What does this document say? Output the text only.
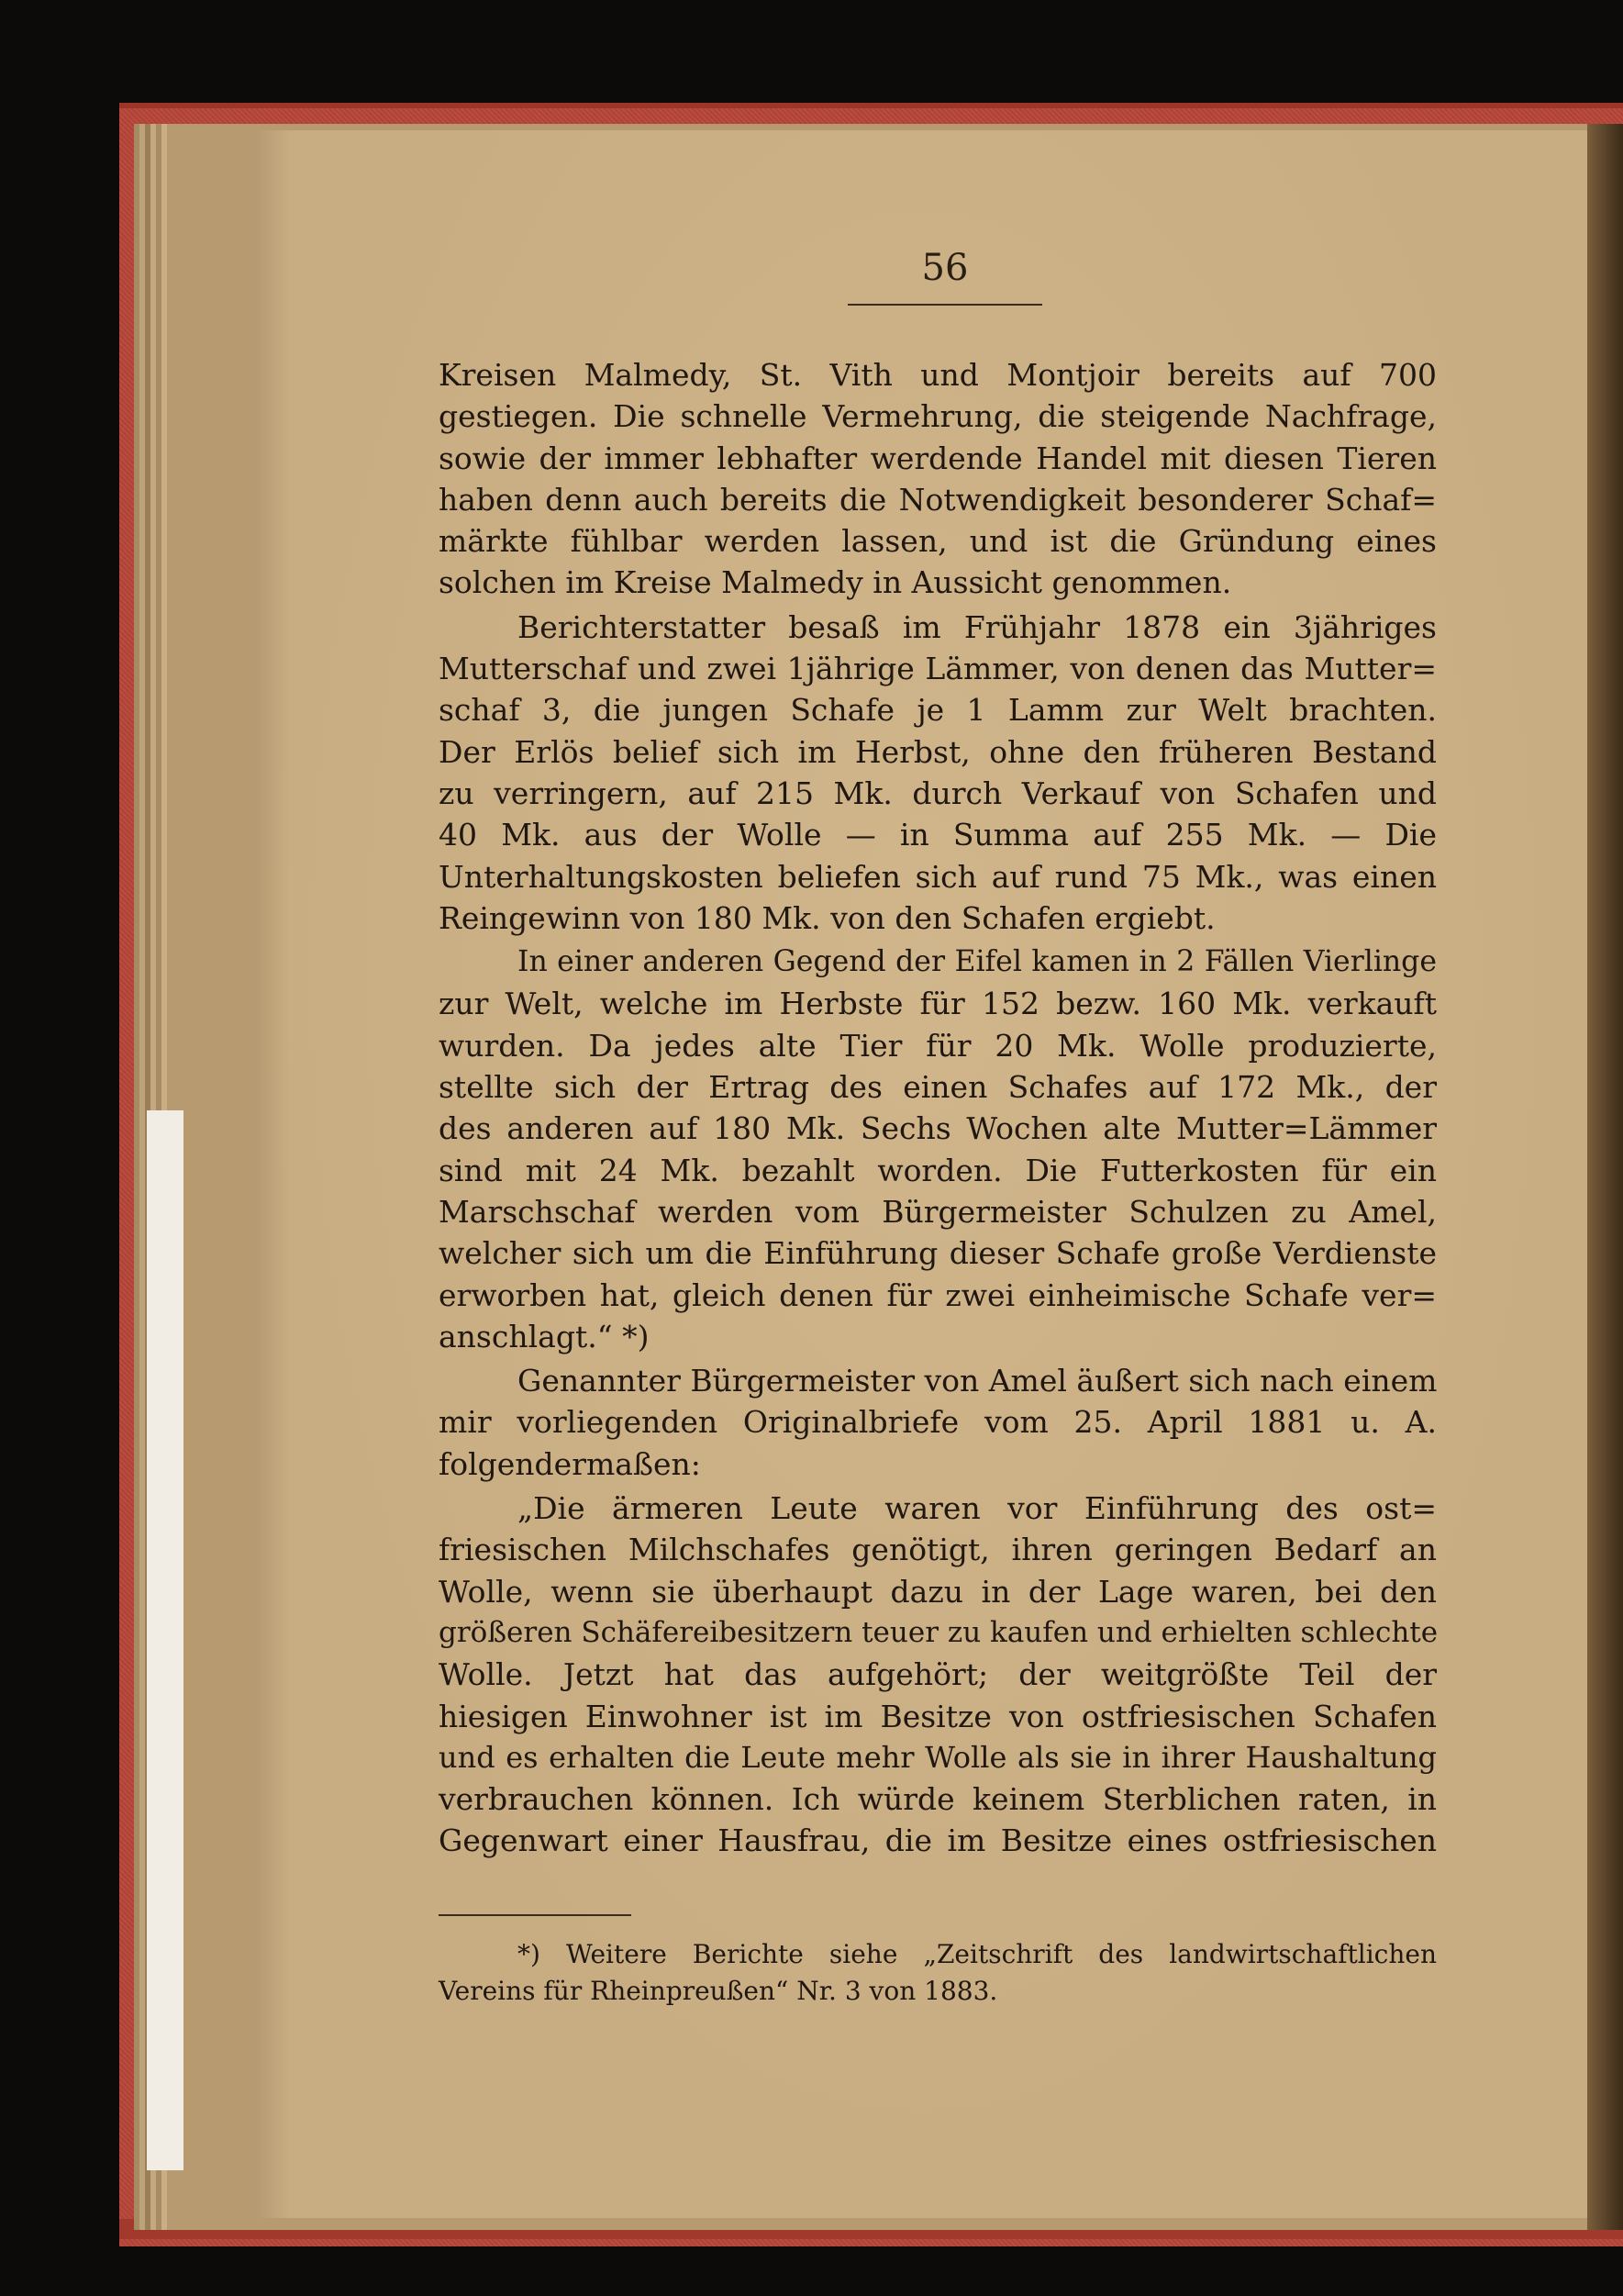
56
Kreisen Malmedy, St. Vith und Montjoir bereits auf 700
gestiegen. Die schnelle Vermehrung, die steigende Nachfrage,
sowie der immer lebhafter werdende Handel mit diesen Tieren
haben denn auch bereits die Notwendigkeit besonderer Schaf=
märkte fühlbar werden lassen, und ist die Gründung eines
solchen im Kreise Malmedy in Aussicht genommen.
Berichterstatter besaß im Frühjahr 1878 ein 3jähriges
Mutterschaf und zwei 1jährige Lämmer, von denen das Mutter=
schaf 3, die jungen Schafe je 1 Lamm zur Welt brachten.
Der Erlös belief sich im Herbst, ohne den früheren Bestand
zu verringern, auf 215 Mk. durch Verkauf von Schafen und
40 Mk. aus der Wolle — in Summa auf 255 Mk. — Die
Unterhaltungskosten beliefen sich auf rund 75 Mk., was einen
Reingewinn von 180 Mk. von den Schafen ergiebt.
In einer anderen Gegend der Eifel kamen in 2 Fällen Vierlinge
zur Welt, welche im Herbste für 152 bezw. 160 Mk. verkauft
wurden. Da jedes alte Tier für 20 Mk. Wolle produzierte,
stellte sich der Ertrag des einen Schafes auf 172 Mk., der
des anderen auf 180 Mk. Sechs Wochen alte Mutter=Lämmer
sind mit 24 Mk. bezahlt worden. Die Futterkosten für ein
Marschschaf werden vom Bürgermeister Schulzen zu Amel,
welcher sich um die Einführung dieser Schafe große Verdienste
erworben hat, gleich denen für zwei einheimische Schafe ver=
anschlagt.“ *)
Genannter Bürgermeister von Amel äußert sich nach einem
mir vorliegenden Originalbriefe vom 25. April 1881 u. A.
folgendermaßen:
„Die ärmeren Leute waren vor Einführung des ost=
friesischen Milchschafes genötigt, ihren geringen Bedarf an
Wolle, wenn sie überhaupt dazu in der Lage waren, bei den
größeren Schäfereibesitzern teuer zu kaufen und erhielten schlechte
Wolle. Jetzt hat das aufgehört; der weitgrößte Teil der
hiesigen Einwohner ist im Besitze von ostfriesischen Schafen
und es erhalten die Leute mehr Wolle als sie in ihrer Haushaltung
verbrauchen können. Ich würde keinem Sterblichen raten, in
Gegenwart einer Hausfrau, die im Besitze eines ostfriesischen
*) Weitere Berichte siehe „Zeitschrift des landwirtschaftlichen
Vereins für Rheinpreußen“ Nr. 3 von 1883.
